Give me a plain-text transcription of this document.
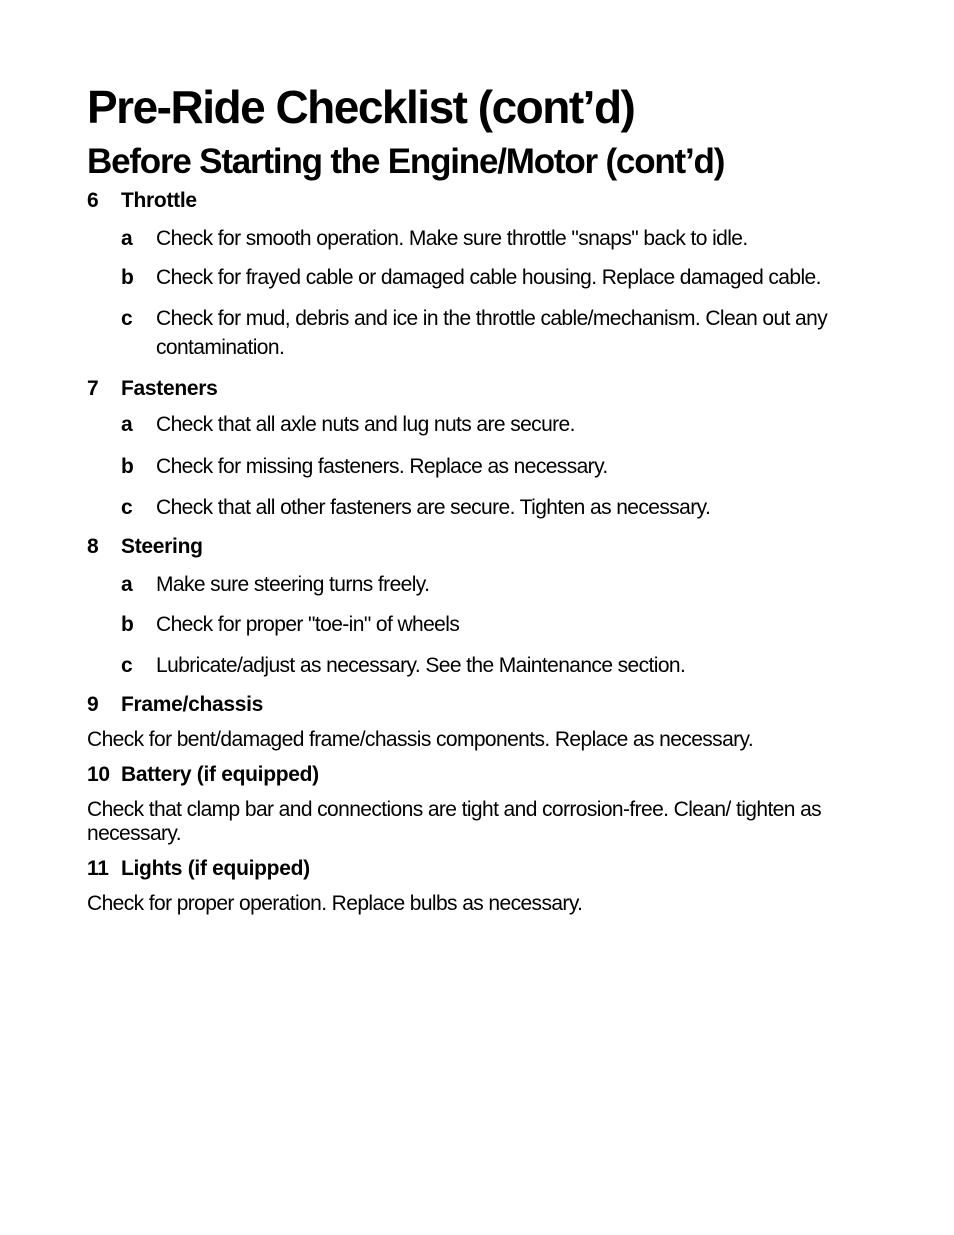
Pre-Ride Checklist (cont’d)
Before Starting the Engine/Motor (cont’d)
6	Throttle
a	Check for smooth operation. Make sure throttle "snaps" back to idle.
b	Check for frayed cable or damaged cable housing. Replace damaged cable.
c	Check for mud, debris and ice in the throttle cable/mechanism. Clean out any contamination.
7	Fasteners
a	Check that all axle nuts and lug nuts are secure.
b	Check for missing fasteners. Replace as necessary.
c	Check that all other fasteners are secure. Tighten as necessary.
8	Steering
a	Make sure steering turns freely.
b	Check for proper "toe-in" of wheels
c	Lubricate/adjust as necessary. See the Maintenance section.
9	Frame/chassis
Check for bent/damaged frame/chassis components. Replace as necessary.
10 Battery (if equipped)
Check that clamp bar and connections are tight and corrosion-free. Clean/ tighten as necessary.
11 Lights (if equipped)
Check for proper operation. Replace bulbs as necessary.
